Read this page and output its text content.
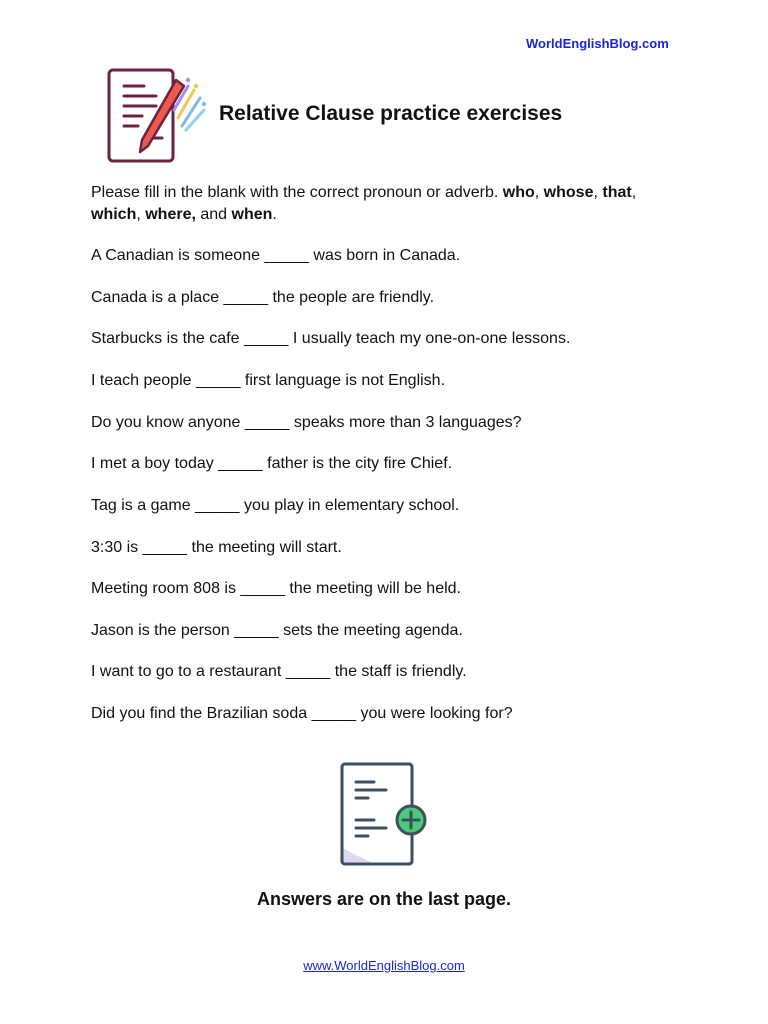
WorldEnglishBlog.com
Relative Clause practice exercises
Please fill in the blank with the correct pronoun or adverb. who, whose, that, which, where, and when.
A Canadian is someone _____ was born in Canada.
Canada is a place _____ the people are friendly.
Starbucks is the cafe _____ I usually teach my one-on-one lessons.
I teach people _____ first language is not English.
Do you know anyone _____ speaks more than 3 languages?
I met a boy today _____ father is the city fire Chief.
Tag is a game _____ you play in elementary school.
3:30 is _____ the meeting will start.
Meeting room 808 is _____ the meeting will be held.
Jason is the person _____ sets the meeting agenda.
I want to go to a restaurant _____ the staff is friendly.
Did you find the Brazilian soda _____ you were looking for?
Answers are on the last page.
www.WorldEnglishBlog.com
